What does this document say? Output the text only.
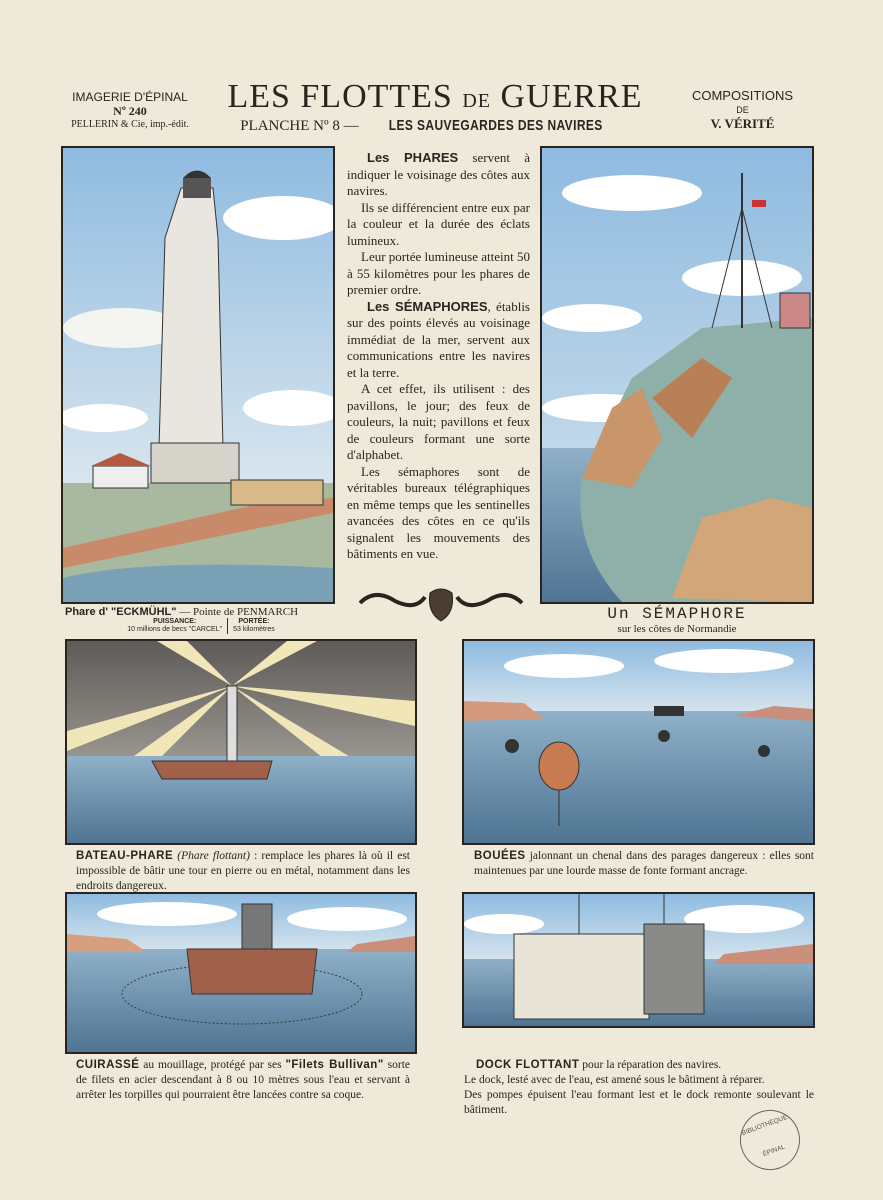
IMAGERIE D'ÉPINAL
Nº 240
PELLERIN & Cie, imp.-édit.
LES FLOTTES DE GUERRE
PLANCHE Nº 8 — LES SAUVEGARDES DES NAVIRES
COMPOSITIONS
DE
V. VÉRITÉ

Les PHARES servent à indiquer le voisinage des côtes aux navires.

Ils se différencient entre eux par la couleur et la durée des éclats lumineux.

Leur portée lumineuse atteint 50 à 55 kilomètres pour les phares de premier ordre.

Les SÉMAPHORES, établis sur des points élevés au voisinage immédiat de la mer, servent aux communications entre les navires et la terre.

A cet effet, ils utilisent : des pavillons, le jour; des feux de couleurs, la nuit; pavillons et feux de couleurs formant une sorte d'alphabet.

Les sémaphores sont de véritables bureaux télégraphiques en même temps que les sentinelles avancées des côtes en ce qu'ils signalent les mouvements des bâtiments en vue.

Phare d' "ECKMÜHL" — Pointe de PENMARCH
PUISSANCE:
10 millions de becs "CARCEL"
PORTÉE:
53 kilomètres
Un SÉMAPHORE
sur les côtes de Normandie
BATEAU-PHARE (Phare flottant) : remplace les phares là où il est impossible de bâtir une tour en pierre ou en métal, notamment dans les endroits dangereux.
BOUÉES jalonnant un chenal dans des parages dangereux : elles sont maintenues par une lourde masse de fonte formant ancrage.
CUIRASSÉ au mouillage, protégé par ses "Filets Bullivan" sorte de filets en acier descendant à 8 ou 10 mètres sous l'eau et servant à arrêter les torpilles qui pourraient être lancées contre sa coque.
DOCK FLOTTANT pour la réparation des navires.
Le dock, lesté avec de l'eau, est amené sous le bâtiment à réparer.
Des pompes épuisent l'eau formant lest et le dock remonte soulevant le bâtiment.
BIBLIOTHÈQUE
ÉPINAL
